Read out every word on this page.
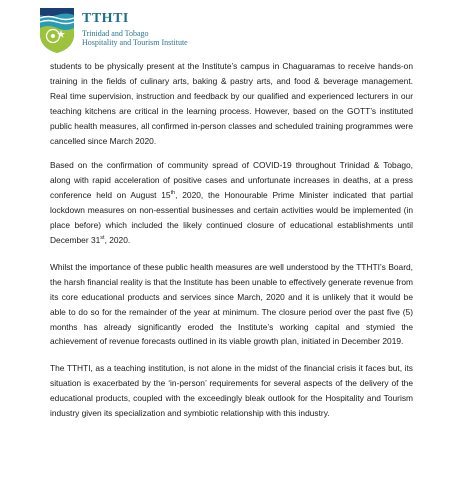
TTHTI
Trinidad and Tobago
Hospitality and Tourism Institute

students to be physically present at the Institute’s campus in Chaguaramas to receive hands-on training in the fields of culinary arts, baking & pastry arts, and food & beverage management. Real time supervision, instruction and feedback by our qualified and experienced lecturers in our teaching kitchens are critical in the learning process. However, based on the GOTT’s instituted public health measures, all confirmed in-person classes and scheduled training programmes were cancelled since March 2020.

Based on the confirmation of community spread of COVID-19 throughout Trinidad & Tobago, along with rapid acceleration of positive cases and unfortunate increases in deaths, at a press conference held on August 15th, 2020, the Honourable Prime Minister indicated that partial lockdown measures on non-essential businesses and certain activities would be implemented (in place before) which included the likely continued closure of educational establishments until December 31st, 2020.

Whilst the importance of these public health measures are well understood by the TTHTI’s Board, the harsh financial reality is that the Institute has been unable to effectively generate revenue from its core educational products and services since March, 2020 and it is unlikely that it would be able to do so for the remainder of the year at minimum. The closure period over the past five (5) months has already significantly eroded the Institute’s working capital and stymied the achievement of revenue forecasts outlined in its viable growth plan, initiated in December 2019.

The TTHTI, as a teaching institution, is not alone in the midst of the financial crisis it faces but, its situation is exacerbated by the ‘in-person’ requirements for several aspects of the delivery of the educational products, coupled with the exceedingly bleak outlook for the Hospitality and Tourism industry given its specialization and symbiotic relationship with this industry.
